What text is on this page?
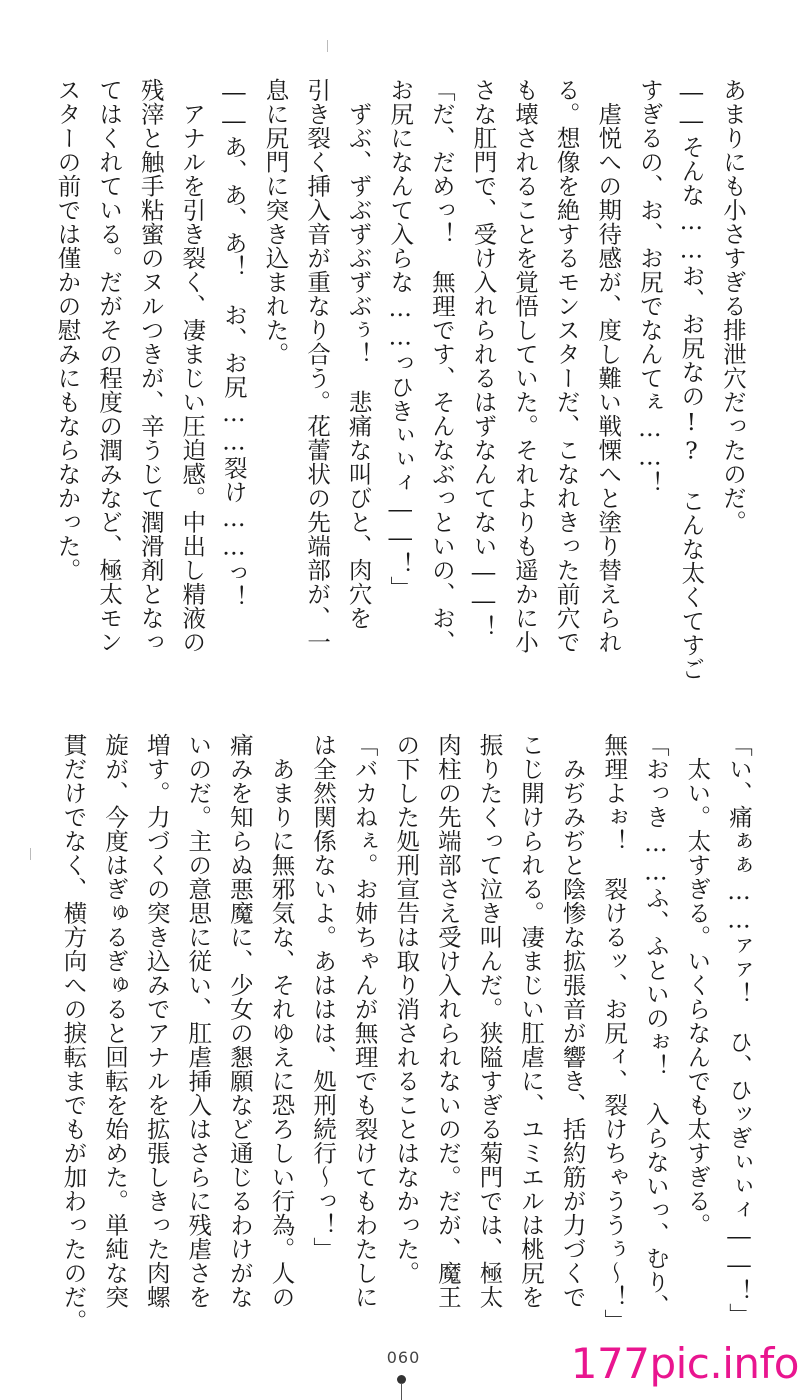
あまりにも小さすぎる排泄穴だったのだ。
――そんな……お、お尻なの!?　こんな太くてすご
すぎるの、お、お尻でなんてぇ……！
虐悦への期待感が、度し難い戦慄へと塗り替えられ
る。想像を絶するモンスターだ、こなれきった前穴で
も壊されることを覚悟していた。それよりも遥かに小
さな肛門で、受け入れられるはずなんてない――！
「だ、だめっ！　無理です、そんなぶっといの、お、
お尻になんて入らな……っひきぃぃィ――！」
ずぶ、ずぶずぶずぶぅ！　悲痛な叫びと、肉穴を
引き裂く挿入音が重なり合う。花蕾状の先端部が、一
息に尻門に突き込まれた。
――あ、あ、あ！　お、お尻……裂け……っ！
アナルを引き裂く、凄まじい圧迫感。中出し精液の
残滓と触手粘蜜のヌルつきが、辛うじて潤滑剤となっ
てはくれている。だがその程度の潤みなど、極太モン
スターの前では僅かの慰みにもならなかった。
「い、痛ぁぁ……ァァ！　ひ、ひッぎぃぃィ――！」
太い。太すぎる。いくらなんでも太すぎる。
「おっき……ふ、ふといのぉ！　入らないっ、むり、
無理よぉ！　裂けるッ、お尻ィ、裂けちゃううぅ～！」
みぢみぢと陰惨な拡張音が響き、括約筋が力づくで
こじ開けられる。凄まじい肛虐に、ユミエルは桃尻を
振りたくって泣き叫んだ。狭隘すぎる菊門では、極太
肉柱の先端部さえ受け入れられないのだ。だが、魔王
の下した処刑宣告は取り消されることはなかった。
「バカねぇ。お姉ちゃんが無理でも裂けてもわたしに
は全然関係ないよ。あははは、処刑続行～っ！」
あまりに無邪気な、それゆえに恐ろしい行為。人の
痛みを知らぬ悪魔に、少女の懇願など通じるわけがな
いのだ。主の意思に従い、肛虐挿入はさらに残虐さを
増す。力づくの突き込みでアナルを拡張しきった肉螺
旋が、今度はぎゅるぎゅると回転を始めた。単純な突
貫だけでなく、横方向への捩転までもが加わったのだ。
060	177pic.info
